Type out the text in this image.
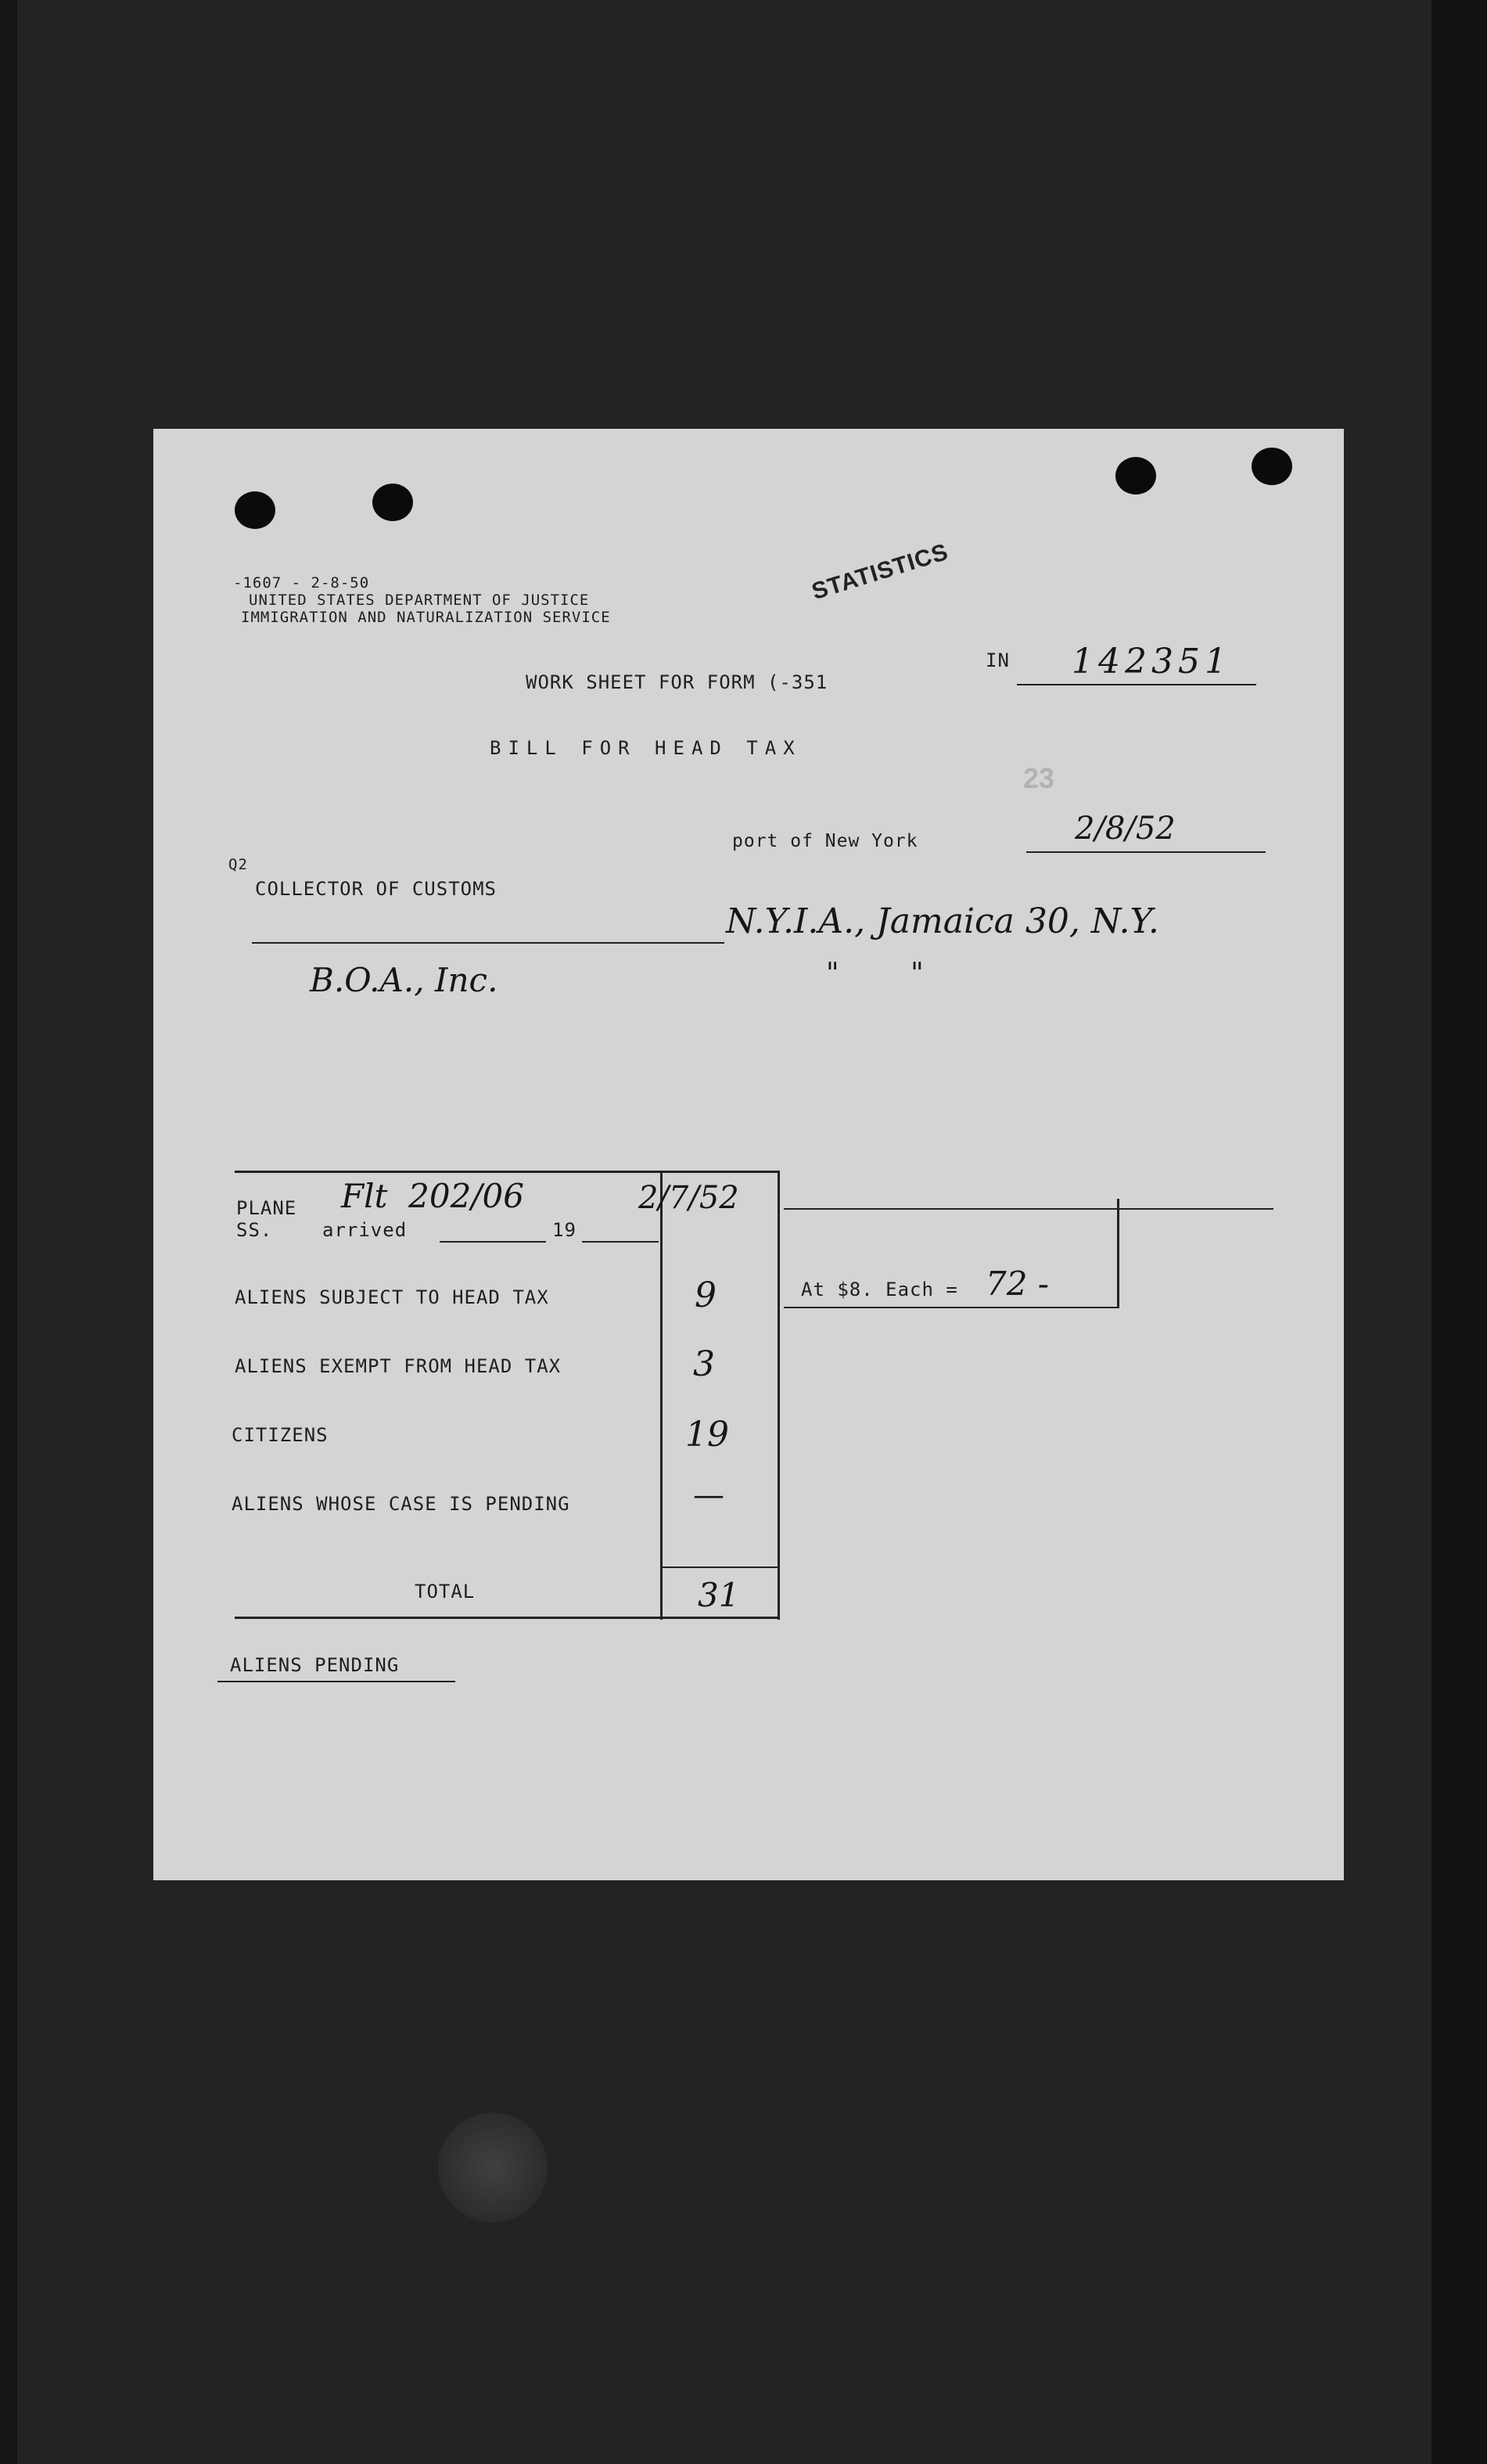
-1607 - 2-8-50
UNITED STATES DEPARTMENT OF JUSTICE
IMMIGRATION AND NATURALIZATION SERVICE
STATISTICS
WORK SHEET FOR FORM (-351
IN 142351
BILL FOR HEAD TAX
23
port of New York	2/8/52
Q2
COLLECTOR OF CUSTOMS
N.Y.I.A., Jamaica 30, N.Y.
B.O.A., Inc.	"        "
PLANE
SS.	arrived	19
Flt  202/06	2/7/52
ALIENS SUBJECT TO HEAD TAX	9
ALIENS EXEMPT FROM HEAD TAX	3
CITIZENS	19
ALIENS WHOSE CASE IS PENDING	—
TOTAL	31
At $8. Each = 72 -
ALIENS PENDING
